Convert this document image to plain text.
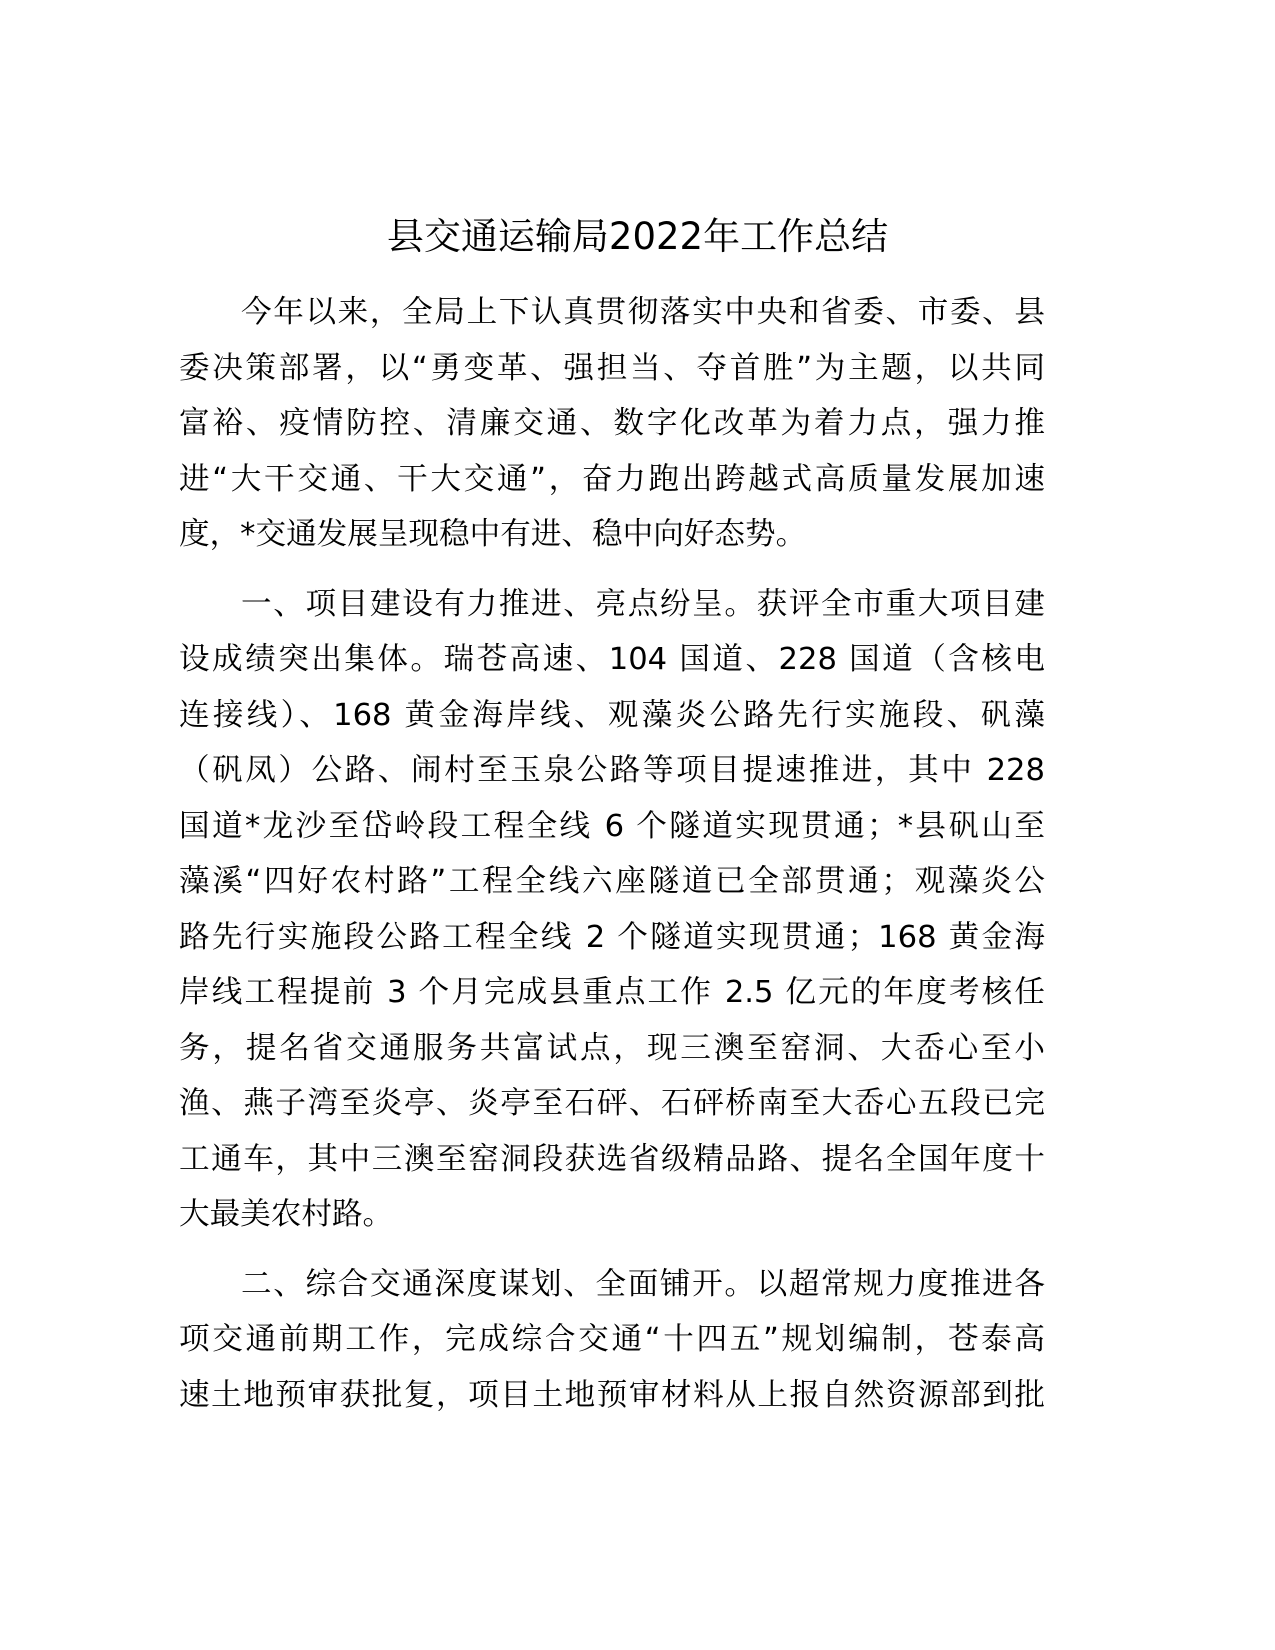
县交通运输局2022年工作总结
今年以来，全局上下认真贯彻落实中央和省委、市委、县
委决策部署，以“勇变革、强担当、夺首胜”为主题，以共同
富裕、疫情防控、清廉交通、数字化改革为着力点，强力推
进“大干交通、干大交通”，奋力跑出跨越式高质量发展加速
度，*交通发展呈现稳中有进、稳中向好态势。
一、项目建设有力推进、亮点纷呈。获评全市重大项目建
设成绩突出集体。瑞苍高速、104 国道、228 国道（含核电
连接线）、168 黄金海岸线、观藻炎公路先行实施段、矾藻
（矾凤）公路、闹村至玉泉公路等项目提速推进，其中 228
国道*龙沙至岱岭段工程全线 6 个隧道实现贯通；*县矾山至
藻溪“四好农村路”工程全线六座隧道已全部贯通；观藻炎公
路先行实施段公路工程全线 2 个隧道实现贯通；168 黄金海
岸线工程提前 3 个月完成县重点工作 2.5 亿元的年度考核任
务，提名省交通服务共富试点，现三澳至窑洞、大岙心至小
渔、燕子湾至炎亭、炎亭至石砰、石砰桥南至大岙心五段已完
工通车，其中三澳至窑洞段获选省级精品路、提名全国年度十
大最美农村路。
二、综合交通深度谋划、全面铺开。以超常规力度推进各
项交通前期工作，完成综合交通“十四五”规划编制，苍泰高
速土地预审获批复，项目土地预审材料从上报自然资源部到批
